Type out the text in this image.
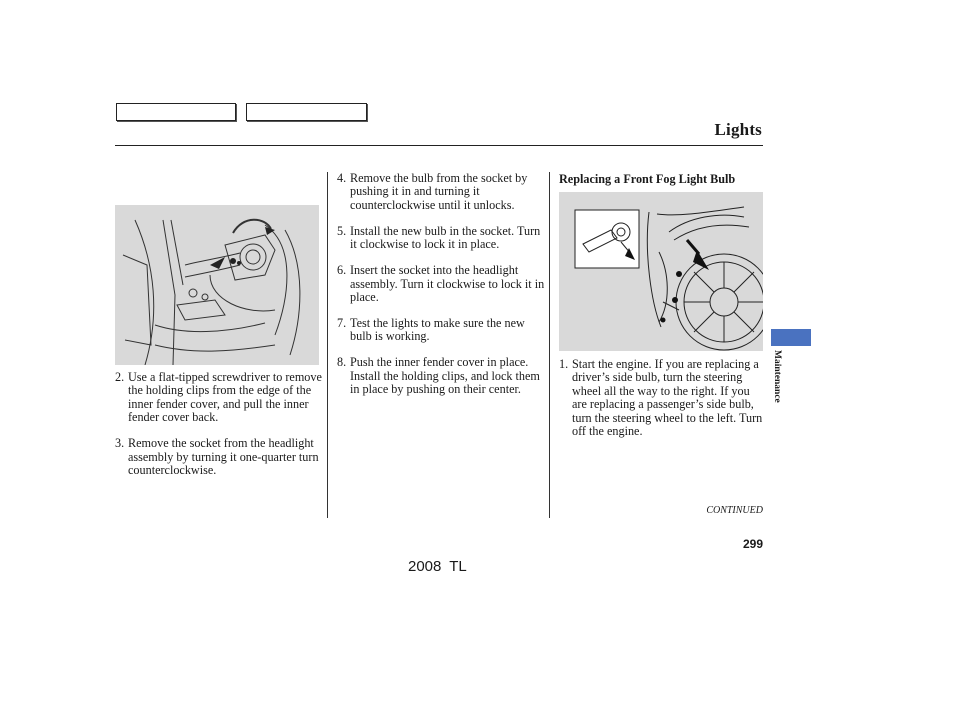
Lights
2. Use a flat-tipped screwdriver to remove the holding clips from the edge of the inner fender cover, and pull the inner fender cover back.
3. Remove the socket from the headlight assembly by turning it one-quarter turn counterclockwise.
4. Remove the bulb from the socket by pushing it in and turning it counterclockwise until it unlocks.
5. Install the new bulb in the socket. Turn it clockwise to lock it in place.
6. Insert the socket into the headlight assembly. Turn it clockwise to lock it in place.
7. Test the lights to make sure the new bulb is working.
8. Push the inner fender cover in place. Install the holding clips, and lock them in place by pushing on their center.
Replacing a Front Fog Light Bulb
1. Start the engine. If you are replacing a driver’s side bulb, turn the steering wheel all the way to the right. If you are replacing a passenger’s side bulb, turn the steering wheel to the left. Turn off the engine.
Maintenance
CONTINUED
299
2008 TL
